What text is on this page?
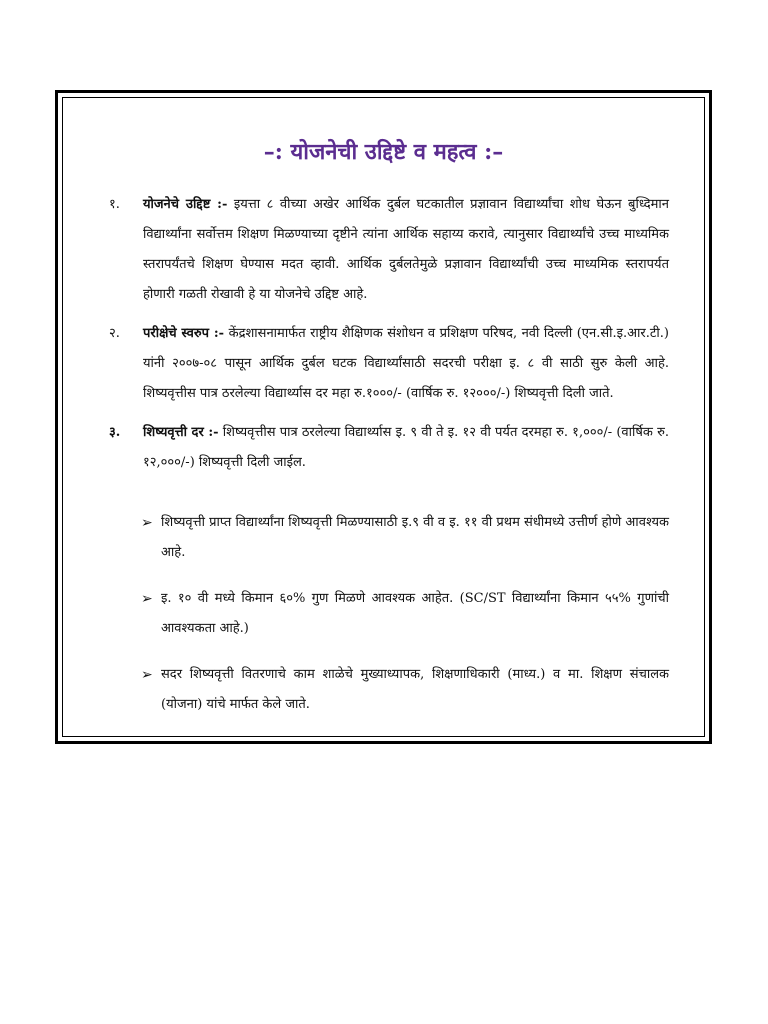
–: योजनेची उद्दिष्टे व महत्व :–
१.	योजनेचे उद्दिष्ट :- इयत्ता ८ वीच्या अखेर आर्थिक दुर्बल घटकातील प्रज्ञावान विद्यार्थ्यांचा शोध घेऊन बुध्दिमान विद्यार्थ्यांना सर्वोत्तम शिक्षण मिळण्याच्या दृष्टीने त्यांना आर्थिक सहाय्य करावे, त्यानुसार विद्यार्थ्यांचे उच्च माध्यमिक स्तरापर्यंतचे शिक्षण घेण्यास मदत व्हावी. आर्थिक दुर्बलतेमुळे प्रज्ञावान विद्यार्थ्यांची उच्च माध्यमिक स्तरापर्यत होणारी गळती रोखावी हे या योजनेचे उद्दिष्ट आहे.
२.	परीक्षेचे स्वरुप :- केंद्रशासनामार्फत राष्ट्रीय शैक्षिणक संशोधन व प्रशिक्षण परिषद, नवी दिल्ली (एन.सी.इ.आर.टी.) यांनी २००७-०८ पासून आर्थिक दुर्बल घटक विद्यार्थ्यांसाठी सदरची परीक्षा इ. ८ वी साठी सुरु केली आहे. शिष्यवृत्तीस पात्र ठरलेल्या विद्यार्थ्यास दर महा रु.१०००/- (वार्षिक रु. १२०००/-) शिष्यवृत्ती दिली जाते.
३.	शिष्यवृत्ती दर :- शिष्यवृत्तीस पात्र ठरलेल्या विद्यार्थ्यास इ. ९ वी ते इ. १२ वी पर्यत दरमहा रु. १,०००/- (वार्षिक रु. १२,०००/-) शिष्यवृत्ती दिली जाईल.
➢ शिष्यवृत्ती प्राप्त विद्यार्थ्यांना शिष्यवृत्ती मिळण्यासाठी इ.९ वी व इ. ११ वी प्रथम संधीमध्ये उत्तीर्ण होणे आवश्यक आहे.
➢ इ. १० वी मध्ये किमान ६०% गुण मिळणे आवश्यक आहेत. (SC/ST विद्यार्थ्यांना किमान ५५% गुणांची आवश्यकता आहे.)
➢ सदर शिष्यवृत्ती वितरणाचे काम शाळेचे मुख्याध्यापक, शिक्षणाधिकारी (माध्य.) व मा. शिक्षण संचालक (योजना) यांचे मार्फत केले जाते.
